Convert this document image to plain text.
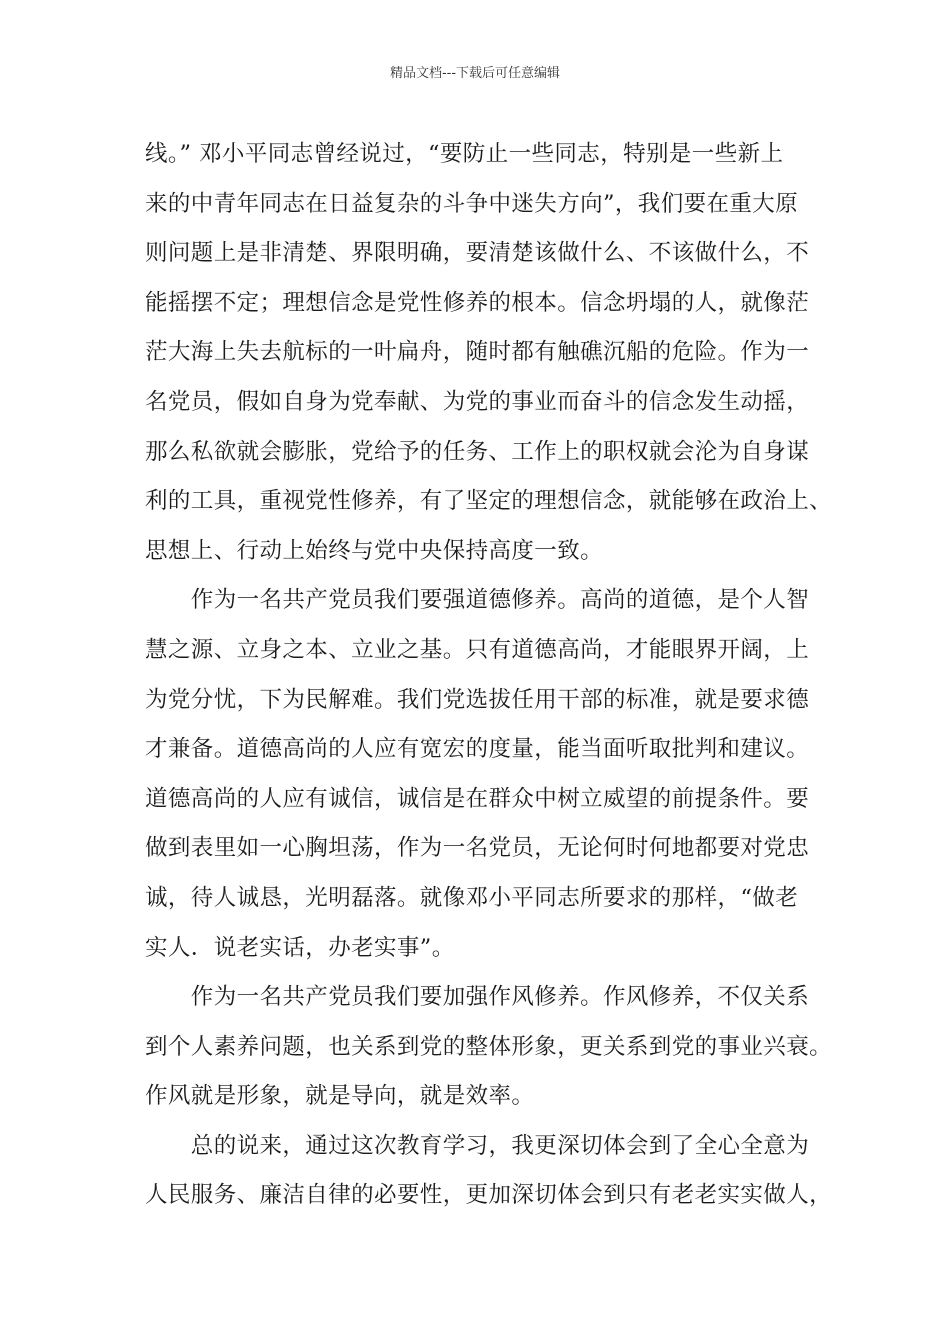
精品文档---下载后可任意编辑
线。” 邓小平同志曾经说过，“要防止一些同志，特别是一些新上
来的中青年同志在日益复杂的斗争中迷失方向”，我们要在重大原
则问题上是非清楚、界限明确，要清楚该做什么、不该做什么，不
能摇摆不定；理想信念是党性修养的根本。信念坍塌的人，就像茫
茫大海上失去航标的一叶扁舟，随时都有触礁沉船的危险。作为一
名党员，假如自身为党奉献、为党的事业而奋斗的信念发生动摇，
那么私欲就会膨胀，党给予的任务、工作上的职权就会沦为自身谋
利的工具，重视党性修养，有了坚定的理想信念，就能够在政治上、
思想上、行动上始终与党中央保持高度一致。
　　作为一名共产党员我们要强道德修养。高尚的道德，是个人智
慧之源、立身之本、立业之基。只有道德高尚，才能眼界开阔，上
为党分忧，下为民解难。我们党选拔任用干部的标准，就是要求德
才兼备。道德高尚的人应有宽宏的度量，能当面听取批判和建议。
道德高尚的人应有诚信，诚信是在群众中树立威望的前提条件。要
做到表里如一心胸坦荡，作为一名党员，无论何时何地都要对党忠
诚，待人诚恳，光明磊落。就像邓小平同志所要求的那样，“做老
实人．说老实话，办老实事”。
　　作为一名共产党员我们要加强作风修养。作风修养，不仅关系
到个人素养问题，也关系到党的整体形象，更关系到党的事业兴衰。
作风就是形象，就是导向，就是效率。
　　总的说来，通过这次教育学习，我更深切体会到了全心全意为
人民服务、廉洁自律的必要性，更加深切体会到只有老老实实做人，
